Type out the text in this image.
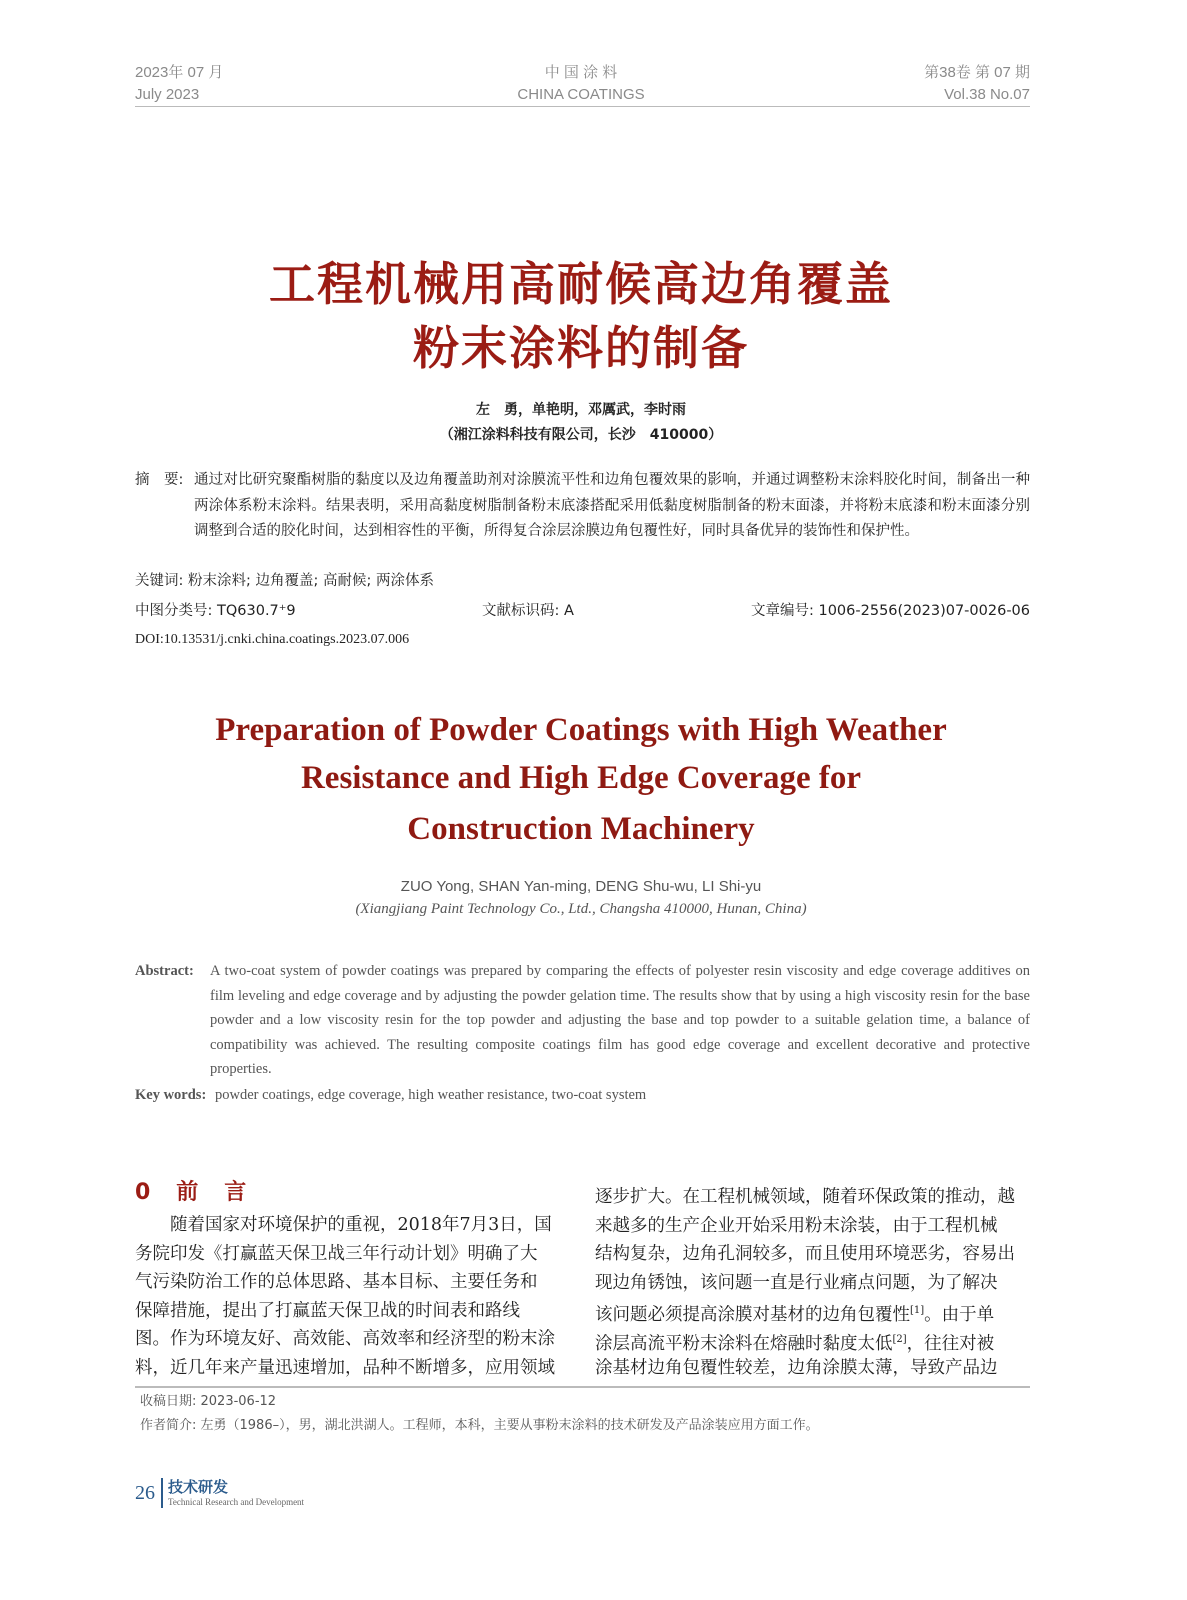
2023年 07 月
July 2023
中 国 涂 料
CHINA COATINGS
第38卷 第 07 期
Vol.38 No.07
工程机械用高耐候高边角覆盖
粉末涂料的制备
左　勇，单艳明，邓厲武，李时雨
（湘江涂料科技有限公司，长沙　410000）
摘　要: 通过对比研究聚酯树脂的黏度以及边角覆盖助剂对涂膜流平性和边角包覆效果的影响，并通过调整粉末涂料胶化时间，制备出一种两涂体系粉末涂料。结果表明，采用高黏度树脂制备粉末底漆搭配采用低黏度树脂制备的粉末面漆，并将粉末底漆和粉末面漆分别调整到合适的胶化时间，达到相容性的平衡，所得复合涂层涂膜边角包覆性好，同时具备优异的装饰性和保护性。
关键词: 粉末涂料; 边角覆盖; 高耐候; 两涂体系
中图分类号: TQ630.7⁺9	文献标识码: A	文章编号: 1006-2556(2023)07-0026-06
DOI:10.13531/j.cnki.china.coatings.2023.07.006
Preparation of Powder Coatings with High Weather
Resistance and High Edge Coverage for
Construction Machinery
ZUO Yong, SHAN Yan-ming, DENG Shu-wu, LI Shi-yu
(Xiangjiang Paint Technology Co., Ltd., Changsha 410000, Hunan, China)
Abstract: A two-coat system of powder coatings was prepared by comparing the effects of polyester resin viscosity and edge coverage additives on film leveling and edge coverage and by adjusting the powder gelation time. The results show that by using a high viscosity resin for the base powder and a low viscosity resin for the top powder and adjusting the base and top powder to a suitable gelation time, a balance of compatibility was achieved. The resulting composite coatings film has good edge coverage and excellent decorative and protective properties.
Key words: powder coatings, edge coverage, high weather resistance, two-coat system
0　前　言
　　随着国家对环境保护的重视，2018年7月3日，国
务院印发《打赢蓝天保卫战三年行动计划》明确了大
气污染防治工作的总体思路、基本目标、主要任务和
保障措施，提出了打赢蓝天保卫战的时间表和路线
图。作为环境友好、高效能、高效率和经济型的粉末涂
料，近几年来产量迅速增加，品种不断增多，应用领域
逐步扩大。在工程机械领域，随着环保政策的推动，越
来越多的生产企业开始采用粉末涂装，由于工程机械
结构复杂，边角孔洞较多，而且使用环境恶劣，容易出
现边角锈蚀，该问题一直是行业痛点问题，为了解决
该问题必须提高涂膜对基材的边角包覆性[1]。由于单
涂层高流平粉末涂料在熔融时黏度太低[2]，往往对被
涂基材边角包覆性较差，边角涂膜太薄，导致产品边
收稿日期: 2023-06-12
作者简介: 左勇（1986–），男，湖北洪湖人。工程师，本科，主要从事粉末涂料的技术研发及产品涂装应用方面工作。
26 技术研发
Technical Research and Development
